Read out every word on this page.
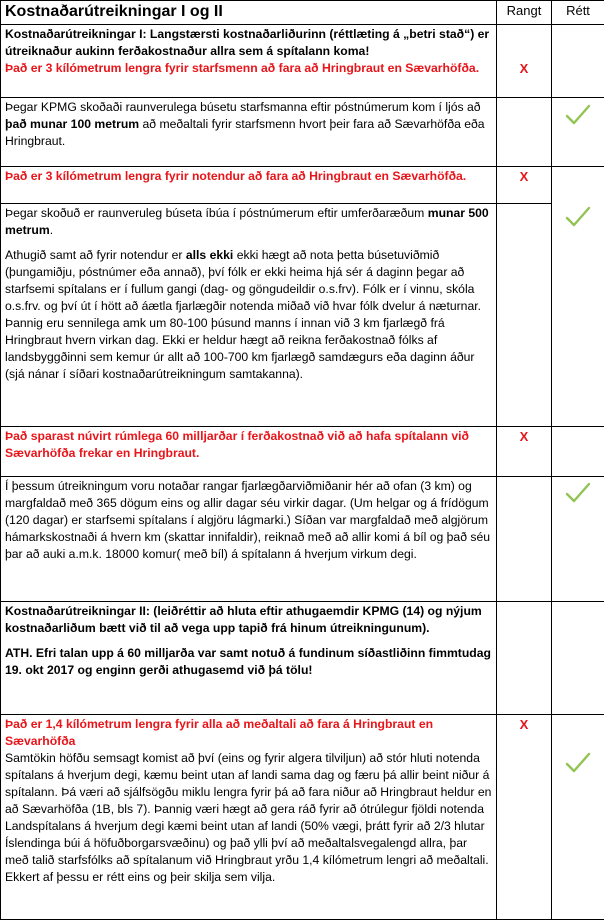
Kostnaðarútreikningar I og II	Rangt	Rétt

Kostnaðarútreikningar I: Langstærsti kostnaðarliðurinn (réttlæting á „betri stað“) er útreiknaður aukinn ferðakostnaður allra sem á spítalann koma!

Það er 3 kílómetrum lengra fyrir starfsmenn að fara að Hringbraut en Sævarhöfða.	X	

Þegar KPMG skoðaði raunverulega búsetu starfsmanna eftir póstnúmerum kom í ljós að það munar 100 metrum að meðaltali fyrir starfsmenn hvort þeir fara að Sævarhöfða eða Hringbraut.

Það er 3 kílómetrum lengra fyrir notendur að fara að Hringbraut en Sævarhöfða.	X	

Þegar skoðuð er raunveruleg búseta íbúa í póstnúmerum eftir umferðaræðum munar 500 metrum.

Athugið samt að fyrir notendur er alls ekki ekki hægt að nota þetta búsetuviðmið (þungamiðju, póstnúmer eða annað), því fólk er ekki heima hjá sér á daginn þegar að starfsemi spítalans er í fullum gangi (dag- og göngudeildir o.s.frv). Fólk er í vinnu, skóla o.s.frv. og því út í hött að áætla fjarlægðir notenda miðað við hvar fólk dvelur á næturnar. Þannig eru sennilega amk um 80-100 þúsund manns í innan við 3 km fjarlægð frá Hringbraut hvern virkan dag. Ekki er heldur hægt að reikna ferðakostnað fólks af landsbyggðinni sem kemur úr allt að 100-700 km fjarlægð samdægurs eða daginn áður (sjá nánar í síðari kostnaðarútreikningum samtakanna).

Það sparast núvirt rúmlega 60 milljarðar í ferðakostnað við að hafa spítalann við Sævarhöfða frekar en Hringbraut.	X	

Í þessum útreikningum voru notaðar rangar fjarlægðarviðmiðanir hér að ofan (3 km) og margfaldað með 365 dögum eins og allir dagar séu virkir dagar. (Um helgar og á frídögum (120 dagar) er starfsemi spítalans í algjöru lágmarki.) Síðan var margfaldað með algjörum hámarkskostnaði á hvern km (skattar innifaldir), reiknað með að allir komi á bíl og það séu þar að auki a.m.k. 18000 komur( með bíl) á spítalann á hverjum virkum degi.

Kostnaðarútreikningar II: (leiðréttir að hluta eftir athugaemdir KPMG (14) og nýjum kostnaðarliðum bætt við til að vega upp tapið frá hinum útreikningunum).

ATH. Efri talan upp á 60 milljarða var samt notuð á fundinum síðastliðinn fimmtudag 19. okt 2017 og enginn gerði athugasemd við þá tölu!		

Það er 1,4 kílómetrum lengra fyrir alla að meðaltali að fara á Hringbraut en Sævarhöfða

Samtökin höfðu semsagt komist að því (eins og fyrir algera tilviljun) að stór hluti notenda spítalans á hverjum degi, kæmu beint utan af landi sama dag og færu þá allir beint niður á spítalann. Þá væri að sjálfsögðu miklu lengra fyrir þá að fara niður að Hringbraut heldur en að Sævarhöfða (1B, bls 7). Þannig væri hægt að gera ráð fyrir að ótrúlegur fjöldi notenda Landspítalans á hverjum degi kæmi beint utan af landi (50% vægi, þrátt fyrir að 2/3 hlutar Íslendinga búi á höfuðborgarsvæðinu) og það ylli því að meðaltalsvegalengd allra, þar með talið starfsfólks að spítalanum við Hringbraut yrðu 1,4 kílómetrum lengri að meðaltali. Ekkert af þessu er rétt eins og þeir skilja sem vilja.	X
